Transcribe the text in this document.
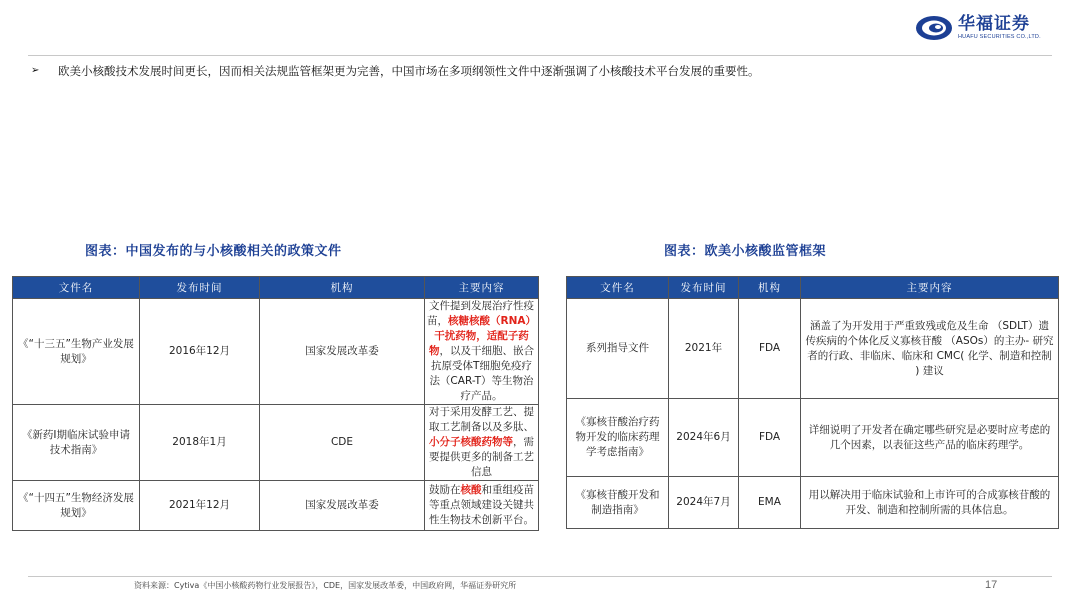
华福证券
HUAFU SECURITIES CO.,LTD.
➢ 欧美小核酸技术发展时间更长，因而相关法规监管框架更为完善，中国市场在多项纲领性文件中逐渐强调了小核酸技术平台发展的重要性。
图表：中国发布的与小核酸相关的政策文件
文件名	发布时间	机构	主要内容
《“十三五”生物产业发展规划》	2016年12月	国家发展改革委	文件提到发展治疗性疫苗，核糖核酸（RNA）干扰药物，适配子药物，以及干细胞、嵌合抗原受体T细胞免疫疗法（CAR-T）等生物治疗产品。
《新药I期临床试验申请技术指南》	2018年1月	CDE	对于采用发酵工艺、提取工艺制备以及多肽、小分子核酸药物等，需要提供更多的制备工艺信息
《“十四五”生物经济发展规划》	2021年12月	国家发展改革委	鼓励在核酸和重组疫苗等重点领域建设关键共性生物技术创新平台。
图表：欧美小核酸监管框架
文件名	发布时间	机构	主要内容
系列指导文件	2021年	FDA	涵盖了为开发用于严重致残或危及生命 （SDLT）遗传疾病的个体化反义寡核苷酸 （ASOs）的主办- 研究者的行政、非临床、临床和 CMC( 化学、制造和控制 ) 建议
《寡核苷酸治疗药物开发的临床药理学考虑指南》	2024年6月	FDA	详细说明了开发者在确定哪些研究是必要时应考虑的几个因素，以表征这些产品的临床药理学。
《寡核苷酸开发和制造指南》	2024年7月	EMA	用以解决用于临床试验和上市许可的合成寡核苷酸的开发、制造和控制所需的具体信息。
资料来源：Cytiva《中国小核酸药物行业发展报告》，CDE，国家发展改革委，中国政府网，华福证券研究所	17
